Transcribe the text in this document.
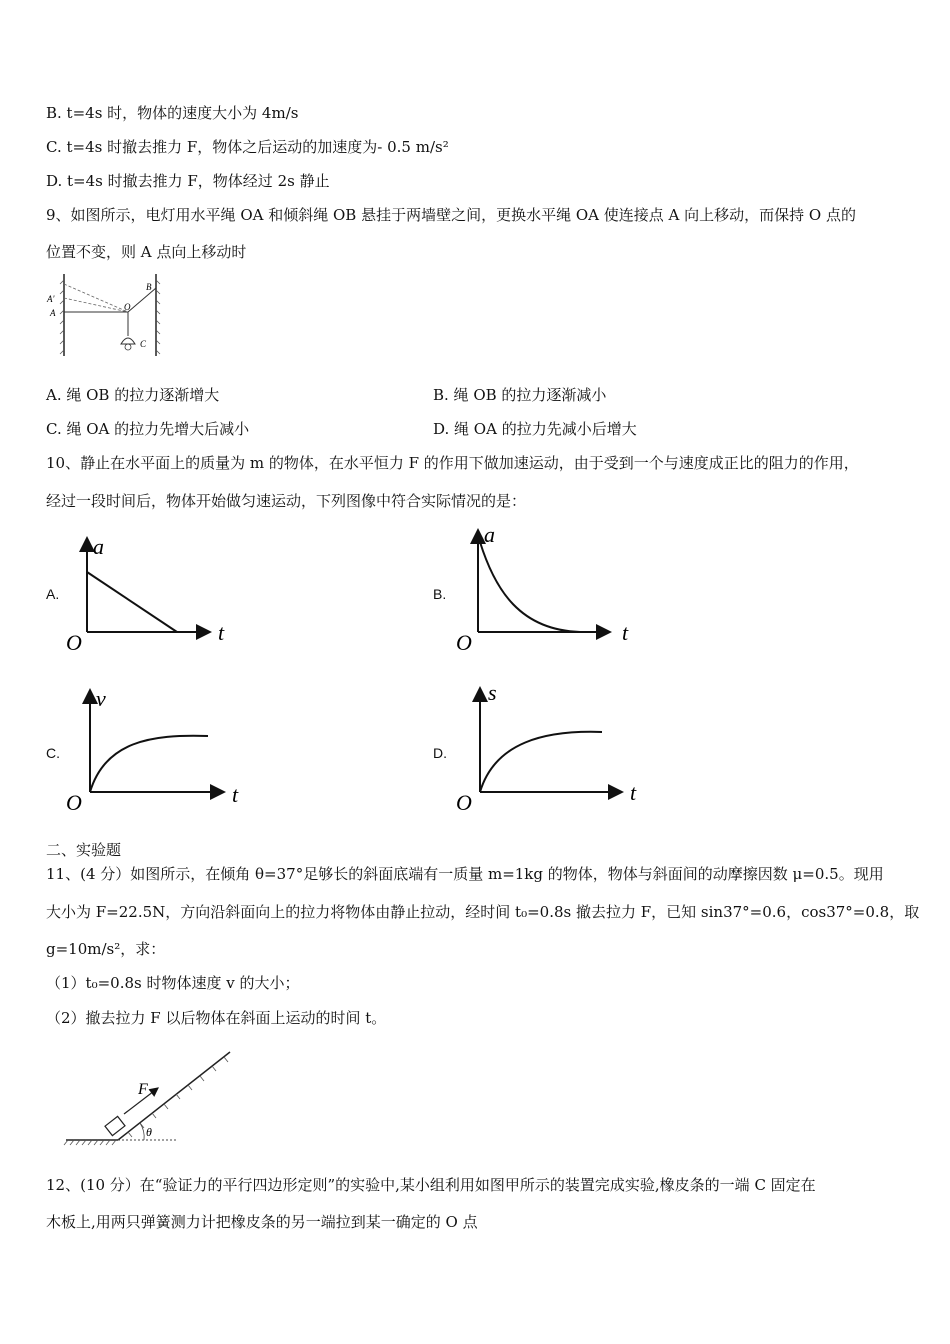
B. t=4s 时，物体的速度大小为 4m/s
C. t=4s 时撤去推力 F，物体之后运动的加速度为- 0.5 m/s²
D. t=4s 时撤去推力 F，物体经过 2s 静止
9、如图所示，电灯用水平绳 OA 和倾斜绳 OB 悬挂于两墙壁之间，更换水平绳 OA 使连接点 A 向上移动，而保持 O 点的
位置不变，则 A 点向上移动时
A'
A
O
B
C
A. 绳 OB 的拉力逐渐增大	B. 绳 OB 的拉力逐渐减小
C. 绳 OA 的拉力先增大后减小	D. 绳 OA 的拉力先减小后增大
10、静止在水平面上的质量为 m 的物体，在水平恒力 F 的作用下做加速运动，由于受到一个与速度成正比的阻力的作用，
经过一段时间后，物体开始做匀速运动，下列图像中符合实际情况的是：
A.
a
t
O
B.
a
t
O
C.
v
t
O
D.
s
t
O
二、实验题
11、(4 分）如图所示，在倾角 θ=37°足够长的斜面底端有一质量 m=1kg 的物体，物体与斜面间的动摩擦因数 μ=0.5。现用
大小为 F=22.5N，方向沿斜面向上的拉力将物体由静止拉动，经时间 t₀=0.8s 撤去拉力 F，已知 sin37°=0.6，cos37°=0.8，取
g=10m/s²，求：
（1）t₀=0.8s 时物体速度 v 的大小；
（2）撤去拉力 F 以后物体在斜面上运动的时间 t。
F
θ
12、(10 分）在“验证力的平行四边形定则”的实验中,某小组利用如图甲所示的装置完成实验,橡皮条的一端 C 固定在
木板上,用两只弹簧测力计把橡皮条的另一端拉到某一确定的 O 点
